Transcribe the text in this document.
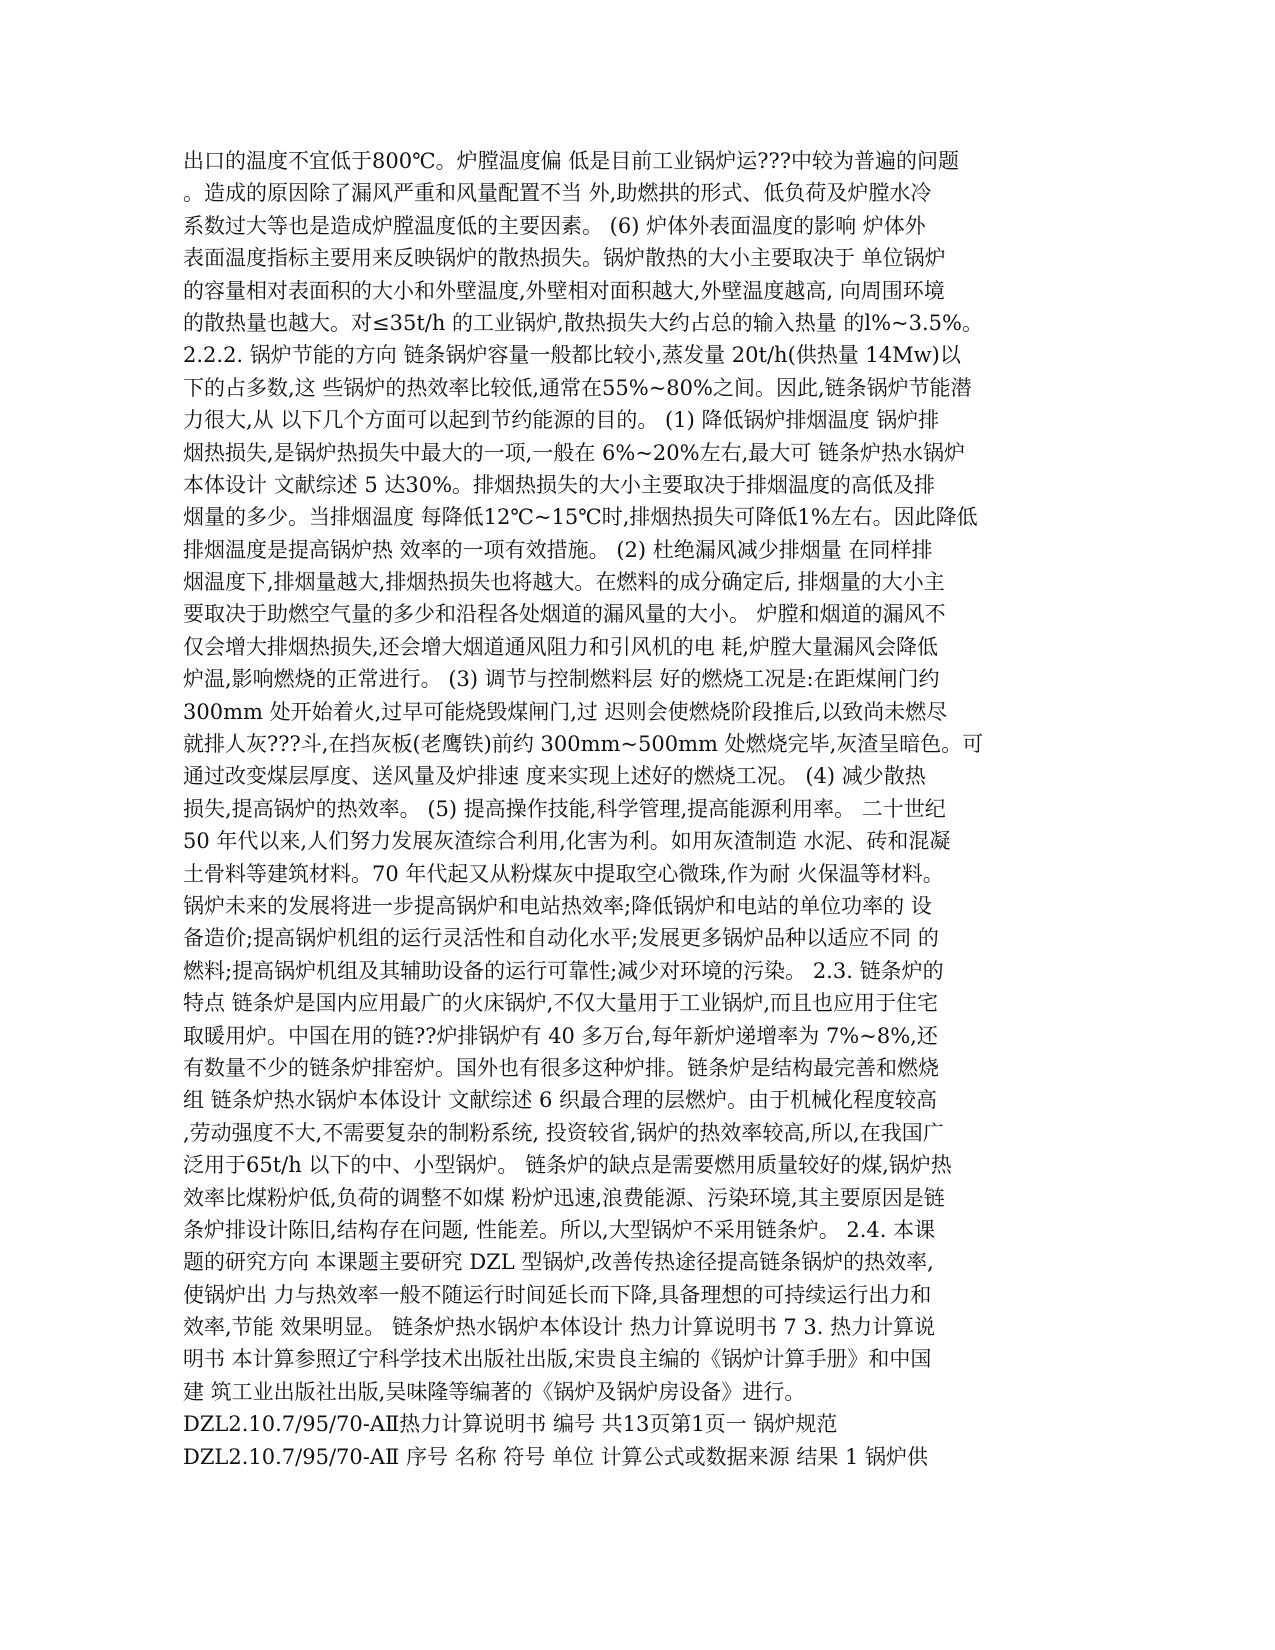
出口的温度不宜低于800℃。炉膛温度偏 低是目前工业锅炉运???中较为普遍的问题
。造成的原因除了漏风严重和风量配置不当 外,助燃拱的形式、低负荷及炉膛水冷
系数过大等也是造成炉膛温度低的主要因素。 (6) 炉体外表面温度的影响 炉体外
表面温度指标主要用来反映锅炉的散热损失。锅炉散热的大小主要取决于 单位锅炉
的容量相对表面积的大小和外壁温度,外壁相对面积越大,外壁温度越高, 向周围环境
的散热量也越大。对≤35t/h 的工业锅炉,散热损失大约占总的输入热量 的l%~3.5%。
2.2.2. 锅炉节能的方向 链条锅炉容量一般都比较小,蒸发量 20t/h(供热量 14Mw)以
下的占多数,这 些锅炉的热效率比较低,通常在55%~80%之间。因此,链条锅炉节能潜
力很大,从 以下几个方面可以起到节约能源的目的。 (1) 降低锅炉排烟温度 锅炉排
烟热损失,是锅炉热损失中最大的一项,一般在 6%~20%左右,最大可 链条炉热水锅炉
本体设计 文献综述 5 达30%。排烟热损失的大小主要取决于排烟温度的高低及排
烟量的多少。当排烟温度 每降低12℃~15℃时,排烟热损失可降低1%左右。因此降低
排烟温度是提高锅炉热 效率的一项有效措施。 (2) 杜绝漏风减少排烟量 在同样排
烟温度下,排烟量越大,排烟热损失也将越大。在燃料的成分确定后, 排烟量的大小主
要取决于助燃空气量的多少和沿程各处烟道的漏风量的大小。 炉膛和烟道的漏风不
仅会增大排烟热损失,还会增大烟道通风阻力和引风机的电 耗,炉膛大量漏风会降低
炉温,影响燃烧的正常进行。 (3) 调节与控制燃料层 好的燃烧工况是:在距煤闸门约
300mm 处开始着火,过早可能烧毁煤闸门,过 迟则会使燃烧阶段推后,以致尚未燃尽
就排人灰???斗,在挡灰板(老鹰铁)前约 300mm~500mm 处燃烧完毕,灰渣呈暗色。可
通过改变煤层厚度、送风量及炉排速 度来实现上述好的燃烧工况。 (4) 减少散热
损失,提高锅炉的热效率。 (5) 提高操作技能,科学管理,提高能源利用率。 二十世纪
50 年代以来,人们努力发展灰渣综合利用,化害为利。如用灰渣制造 水泥、砖和混凝
土骨料等建筑材料。70 年代起又从粉煤灰中提取空心微珠,作为耐 火保温等材料。
锅炉未来的发展将进一步提高锅炉和电站热效率;降低锅炉和电站的单位功率的 设
备造价;提高锅炉机组的运行灵活性和自动化水平;发展更多锅炉品种以适应不同 的
燃料;提高锅炉机组及其辅助设备的运行可靠性;减少对环境的污染。 2.3. 链条炉的
特点 链条炉是国内应用最广的火床锅炉,不仅大量用于工业锅炉,而且也应用于住宅
取暖用炉。中国在用的链??炉排锅炉有 40 多万台,每年新炉递增率为 7%~8%,还
有数量不少的链条炉排窑炉。国外也有很多这种炉排。链条炉是结构最完善和燃烧
组 链条炉热水锅炉本体设计 文献综述 6 织最合理的层燃炉。由于机械化程度较高
,劳动强度不大,不需要复杂的制粉系统, 投资较省,锅炉的热效率较高,所以,在我国广
泛用于65t/h 以下的中、小型锅炉。 链条炉的缺点是需要燃用质量较好的煤,锅炉热
效率比煤粉炉低,负荷的调整不如煤 粉炉迅速,浪费能源、污染环境,其主要原因是链
条炉排设计陈旧,结构存在问题, 性能差。所以,大型锅炉不采用链条炉。 2.4. 本课
题的研究方向 本课题主要研究 DZL 型锅炉,改善传热途径提高链条锅炉的热效率,
使锅炉出 力与热效率一般不随运行时间延长而下降,具备理想的可持续运行出力和
效率,节能 效果明显。 链条炉热水锅炉本体设计 热力计算说明书 7 3. 热力计算说
明书 本计算参照辽宁科学技术出版社出版,宋贵良主编的《锅炉计算手册》和中国
建 筑工业出版社出版,吴味隆等编著的《锅炉及锅炉房设备》进行。
DZL2.10.7/95/70-AⅡ热力计算说明书 编号 共13页第1页一 锅炉规范
DZL2.10.7/95/70-AⅡ 序号 名称 符号 单位 计算公式或数据来源 结果 1 锅炉供
